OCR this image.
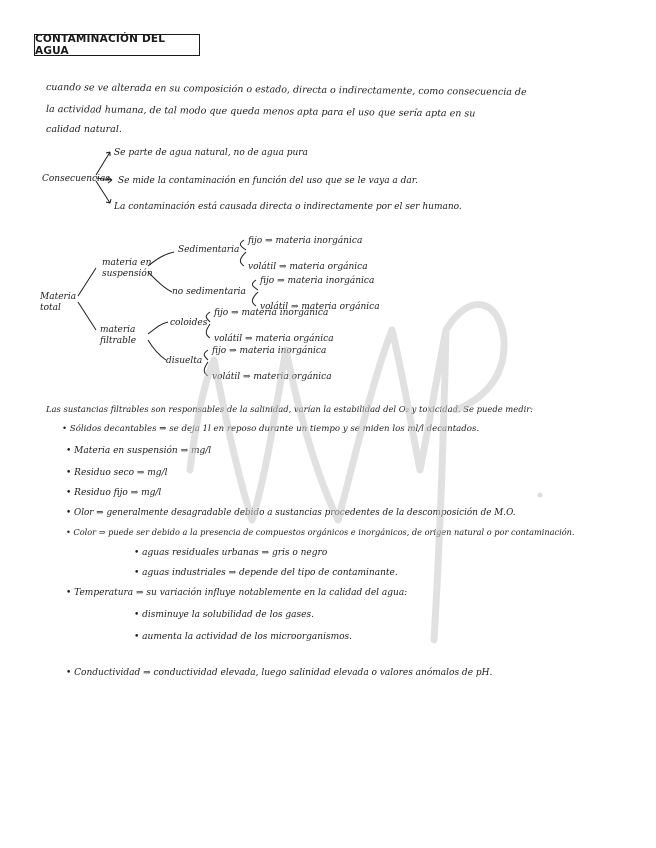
CONTAMINACIÓN DEL AGUA
cuando se ve alterada en su composición o estado, directa o indirectamente, como consecuencia de
la actividad humana, de tal modo que queda menos apta para el uso que sería apta en su
calidad natural.
Consecuencias
Se parte de agua natural, no de agua pura
Se mide la contaminación en función del uso que se le vaya a dar.
La contaminación está causada directa o indirectamente por el ser humano.
Materia total
materia en suspensión
materia filtrable
Sedimentaria
no sedimentaria
coloides
disuelta
fijo ⇒ materia inorgánica
volátil ⇒ materia orgánica
fijo ⇒ materia inorgánica
volátil ⇒ materia orgánica
fijo ⇒ materia inorgánica
volátil ⇒ materia orgánica
fijo ⇒ materia inorgánica
volátil ⇒ materia orgánica
Las sustancias filtrables son responsables de la salinidad, varían la estabilidad del O₂ y toxicidad. Se puede medir:
• Sólidos decantables ⇒ se deja 1l en reposo durante un tiempo y se miden los ml/l decantados.
• Materia en suspensión ⇒ mg/l
• Residuo seco ⇒ mg/l
• Residuo fijo ⇒ mg/l
• Olor ⇒ generalmente desagradable debido a sustancias procedentes de la descomposición de M.O.
• Color ⇒ puede ser debido a la presencia de compuestos orgánicos e inorgánicos, de origen natural o por contaminación.
• aguas residuales urbanas ⇒ gris o negro
• aguas industriales ⇒ depende del tipo de contaminante.
• Temperatura ⇒ su variación influye notablemente en la calidad del agua:
• disminuye la solubilidad de los gases.
• aumenta la actividad de los microorganismos.
• Conductividad ⇒ conductividad elevada, luego salinidad elevada o valores anómalos de pH.
